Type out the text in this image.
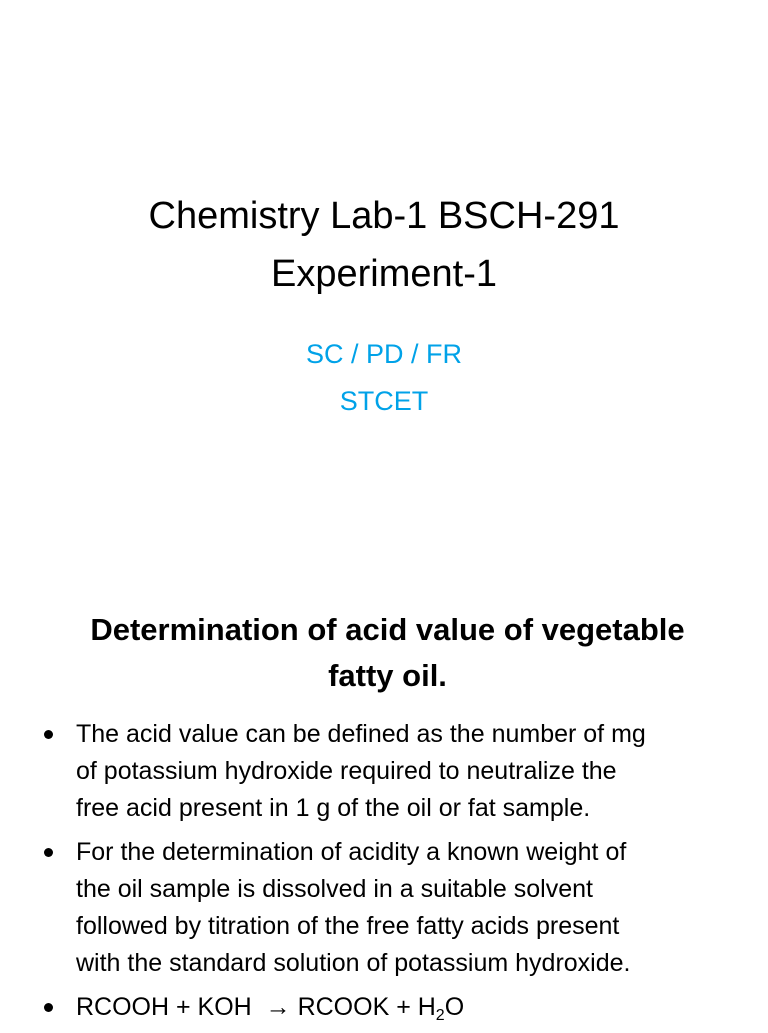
Chemistry Lab-1 BSCH-291
Experiment-1
SC / PD / FR
STCET
Determination of acid value of vegetable
fatty oil.
The acid value can be defined as the number of mg
of potassium hydroxide required to neutralize the
free acid present in 1 g of the oil or fat sample.
For the determination of acidity a known weight of
the oil sample is dissolved in a suitable solvent
followed by titration of the free fatty acids present
with the standard solution of potassium hydroxide.
RCOOH + KOH  → RCOOK + $H_2O$
